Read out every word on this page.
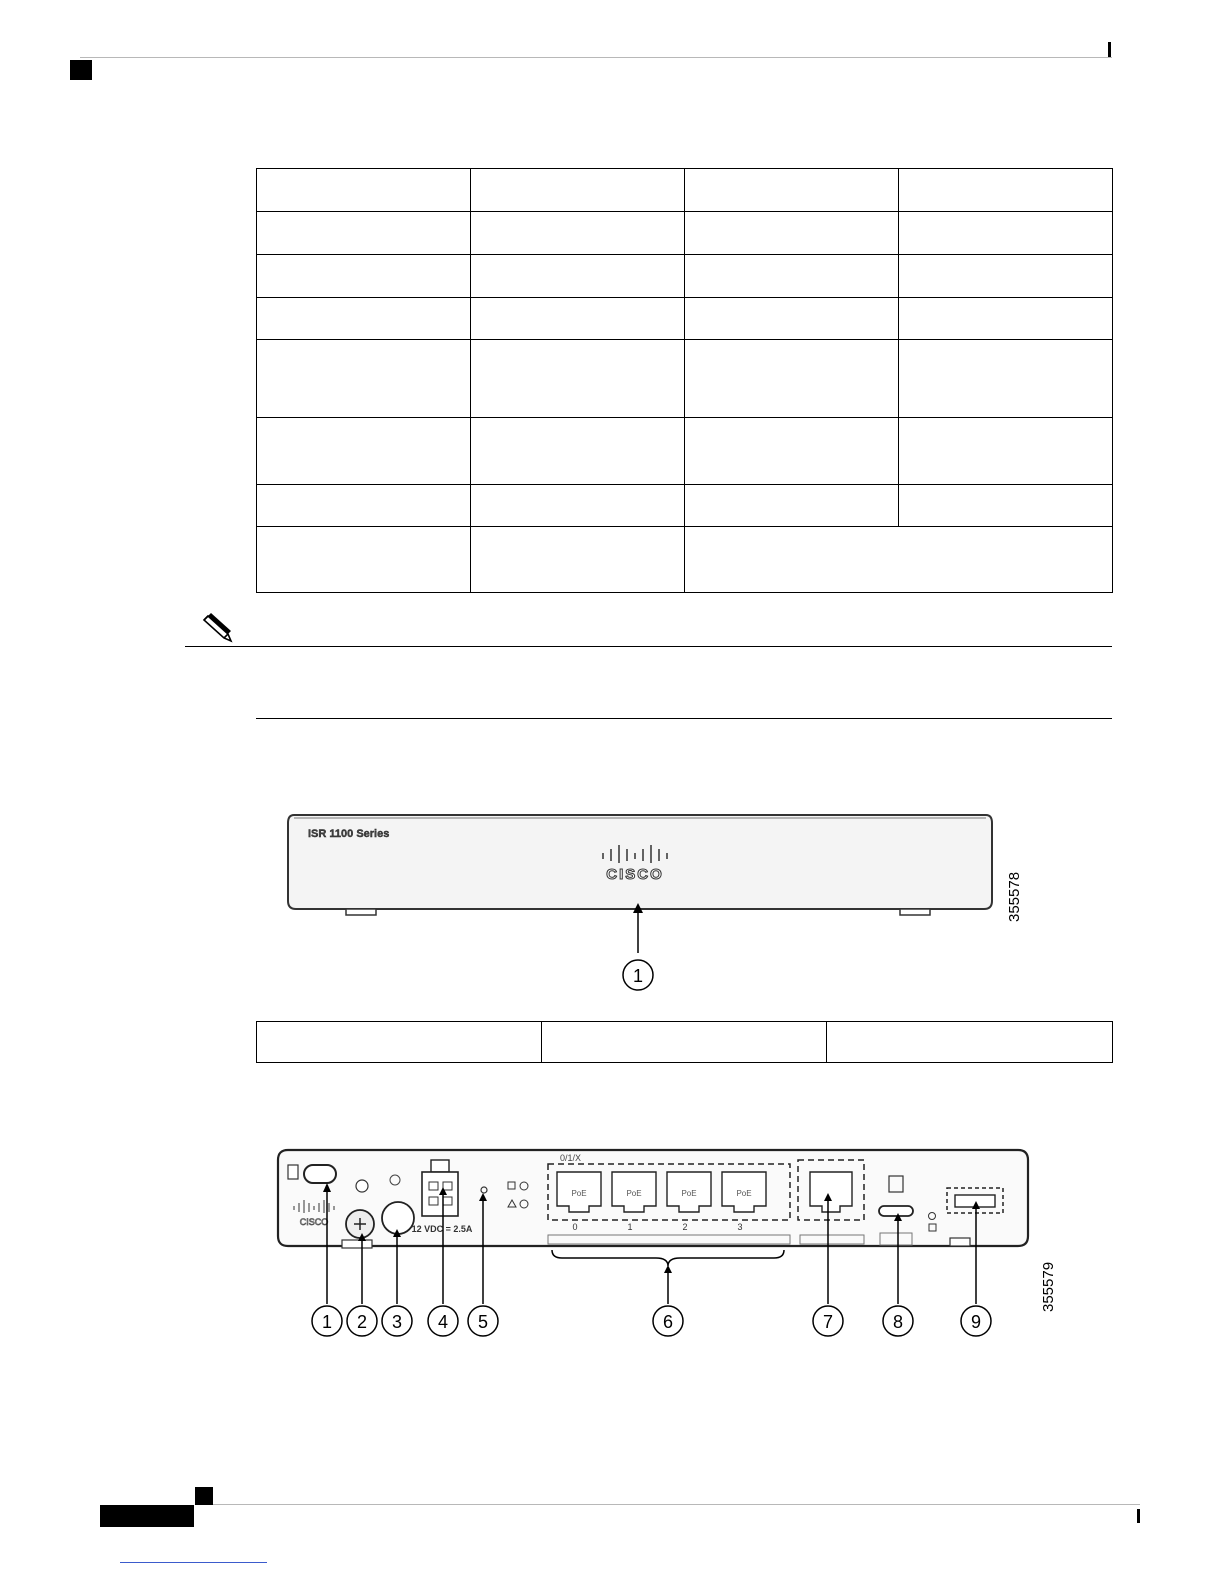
ISR 1100 Series
CISCO
1
355578

CISCO
12 VDC = 2.5A
0/1/X
PoE	PoE	PoE	PoE
0	1	2	3
1 2 3 4 5	6	7	8	9
355579
